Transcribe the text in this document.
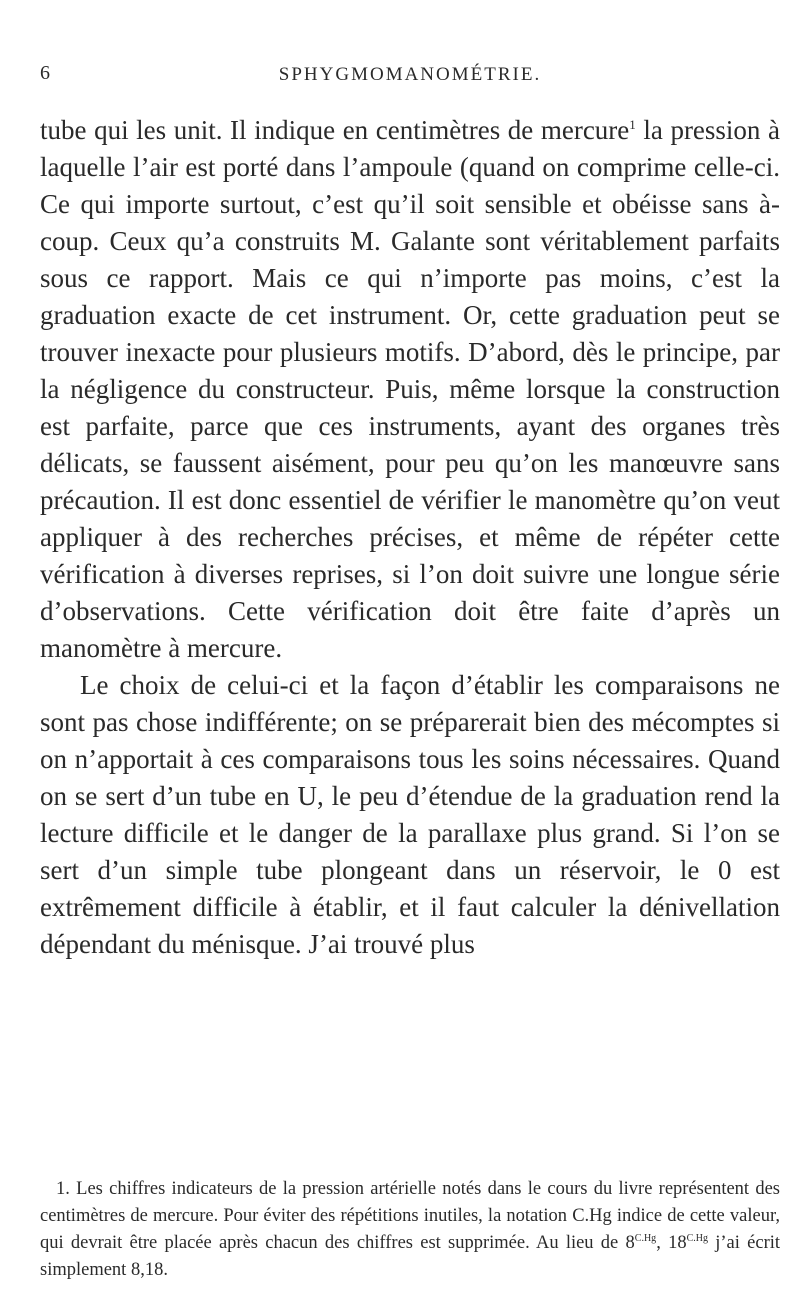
6	SPHYGMOMANOMÉTRIE.

tube qui les unit. Il indique en centimètres de mercure$^1$ la pression à laquelle l’air est porté dans l’ampoule (quand on comprime celle-ci. Ce qui importe surtout, c’est qu’il soit sensible et obéisse sans à-coup. Ceux qu’a construits M. Galante sont véritablement parfaits sous ce rapport. Mais ce qui n’importe pas moins, c’est la graduation exacte de cet instrument. Or, cette graduation peut se trouver inexacte pour plusieurs motifs. D’abord, dès le principe, par la négligence du constructeur. Puis, même lorsque la construction est parfaite, parce que ces instruments, ayant des organes très délicats, se faussent aisément, pour peu qu’on les manœuvre sans précaution. Il est donc essentiel de vérifier le manomètre qu’on veut appliquer à des recherches précises, et même de répéter cette vérification à diverses reprises, si l’on doit suivre une longue série d’observations. Cette vérification doit être faite d’après un manomètre à mercure.

Le choix de celui-ci et la façon d’établir les comparaisons ne sont pas chose indifférente; on se préparerait bien des mécomptes si on n’apportait à ces comparaisons tous les soins nécessaires. Quand on se sert d’un tube en U, le peu d’étendue de la graduation rend la lecture difficile et le danger de la parallaxe plus grand. Si l’on se sert d’un simple tube plongeant dans un réservoir, le 0 est extrêmement difficile à établir, et il faut calculer la dénivellation dépendant du ménisque. J’ai trouvé plus

1. Les chiffres indicateurs de la pression artérielle notés dans le cours du livre représentent des centimètres de mercure. Pour éviter des répétitions inutiles, la notation C.Hg indice de cette valeur, qui devrait être placée après chacun des chiffres est supprimée. Au lieu de $8^{C.Hg}$, $18^{C.Hg}$ j’ai écrit simplement 8,18.
